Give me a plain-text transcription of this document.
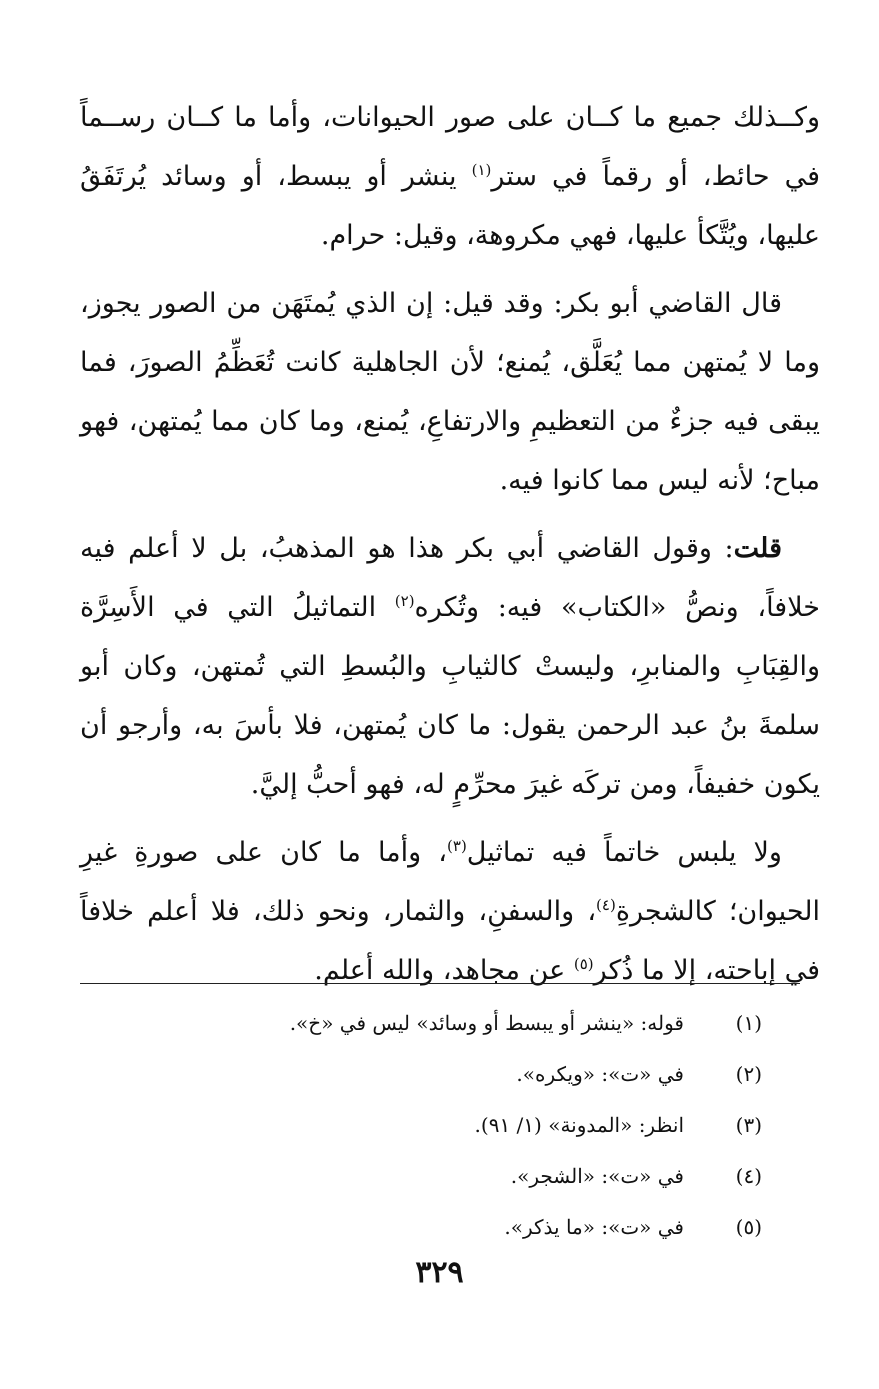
وكــذلك جميع ما كــان على صور الحيوانات، وأما ما كــان رســماً في حائط، أو رقماً في ستر$^{(١)}$ ينشر أو يبسط، أو وسائد يُرتَفَقُ عليها، ويُتَّكأ عليها، فهي مكروهة، وقيل: حرام.

قال القاضي أبو بكر: وقد قيل: إن الذي يُمتَهَن من الصور يجوز، وما لا يُمتهن مما يُعَلَّق، يُمنع؛ لأن الجاهلية كانت تُعَظِّمُ الصورَ، فما يبقى فيه جزءٌ من التعظيمِ والارتفاعِ، يُمنع، وما كان مما يُمتهن، فهو مباح؛ لأنه ليس مما كانوا فيه.

قلت: وقول القاضي أبي بكر هذا هو المذهبُ، بل لا أعلم فيه خلافاً، ونصُّ «الكتاب» فيه: وتُكره$^{(٢)}$ التماثيلُ التي في الأَسِرَّة والقِبَابِ والمنابرِ، وليستْ كالثيابِ والبُسطِ التي تُمتهن، وكان أبو سلمةَ بنُ عبد الرحمن يقول: ما كان يُمتهن، فلا بأسَ به، وأرجو أن يكون خفيفاً، ومن تركَه غيرَ محرِّمٍ له، فهو أحبُّ إليَّ.

ولا يلبس خاتماً فيه تماثيل$^{(٣)}$، وأما ما كان على صورةِ غيرِ الحيوان؛ كالشجرةِ$^{(٤)}$، والسفنِ، والثمار، ونحو ذلك، فلا أعلم خلافاً في إباحته، إلا ما ذُكر$^{(٥)}$ عن مجاهد، والله أعلم.

(١)
قوله: «ينشر أو يبسط أو وسائد» ليس في «خ».
(٢)
في «ت»: «ويكره».
(٣)
انظر: «المدونة» (١/ ٩١).
(٤)
في «ت»: «الشجر».
(٥)
في «ت»: «ما يذكر».
٣٢٩
